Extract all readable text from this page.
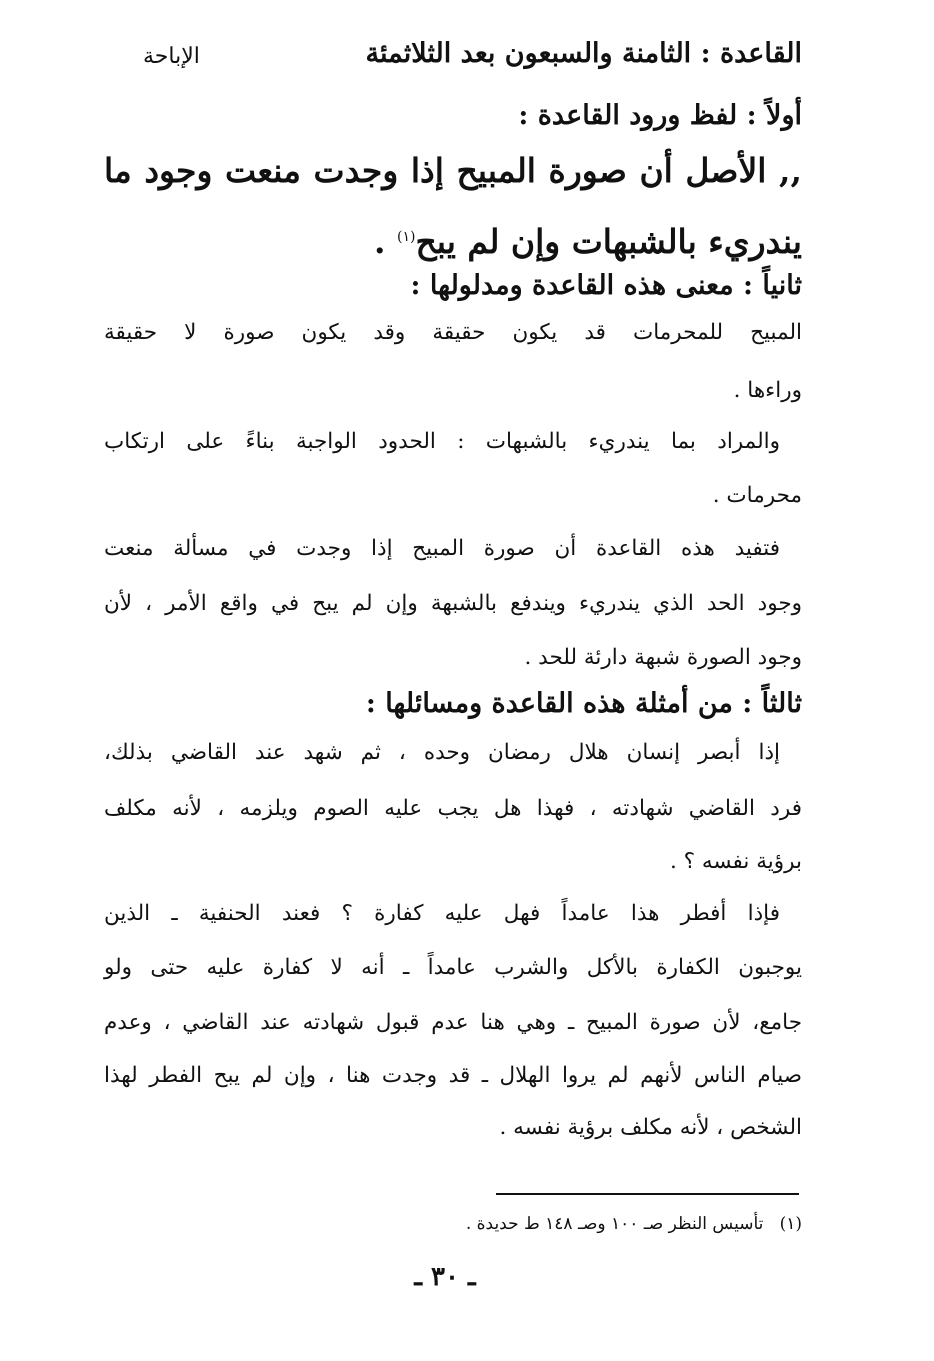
القاعدة : الثامنة والسبعون بعد الثلاثمئة
الإباحة
أولاً : لفظ ورود القاعدة :
,, الأصل أن صورة المبيح إذا وجدت منعت وجود ما
يندريء بالشبهات وإن لم يبح$^{(١)}$ .
ثانياً : معنى هذه القاعدة ومدلولها :
المبيح للمحرمات قد يكون حقيقة وقد يكون صورة لا حقيقة
وراءها .
والمراد بما يندريء بالشبهات : الحدود الواجبة بناءً على ارتكاب
محرمات .
فتفيد هذه القاعدة أن صورة المبيح إذا وجدت في مسألة منعت
وجود الحد الذي يندريء ويندفع بالشبهة وإن لم يبح في واقع الأمر ، لأن
وجود الصورة شبهة دارئة للحد .
ثالثاً : من أمثلة هذه القاعدة ومسائلها :
إذا أبصر إنسان هلال رمضان وحده ، ثم شهد عند القاضي بذلك،
فرد القاضي شهادته ، فهذا هل يجب عليه الصوم ويلزمه ، لأنه مكلف
برؤية نفسه ؟ .
فإذا أفطر هذا عامداً فهل عليه كفارة ؟ فعند الحنفية ـ الذين
يوجبون الكفارة بالأكل والشرب عامداً ـ أنه لا كفارة عليه حتى ولو
جامع، لأن صورة المبيح ـ وهي هنا عدم قبول شهادته عند القاضي ، وعدم
صيام الناس لأنهم لم يروا الهلال ـ قد وجدت هنا ، وإن لم يبح الفطر لهذا
الشخص ، لأنه مكلف برؤية نفسه .
(١)   تأسيس النظر صـ ١٠٠ وصـ ١٤٨ ط حديدة .
ـ ٣٠ ـ
